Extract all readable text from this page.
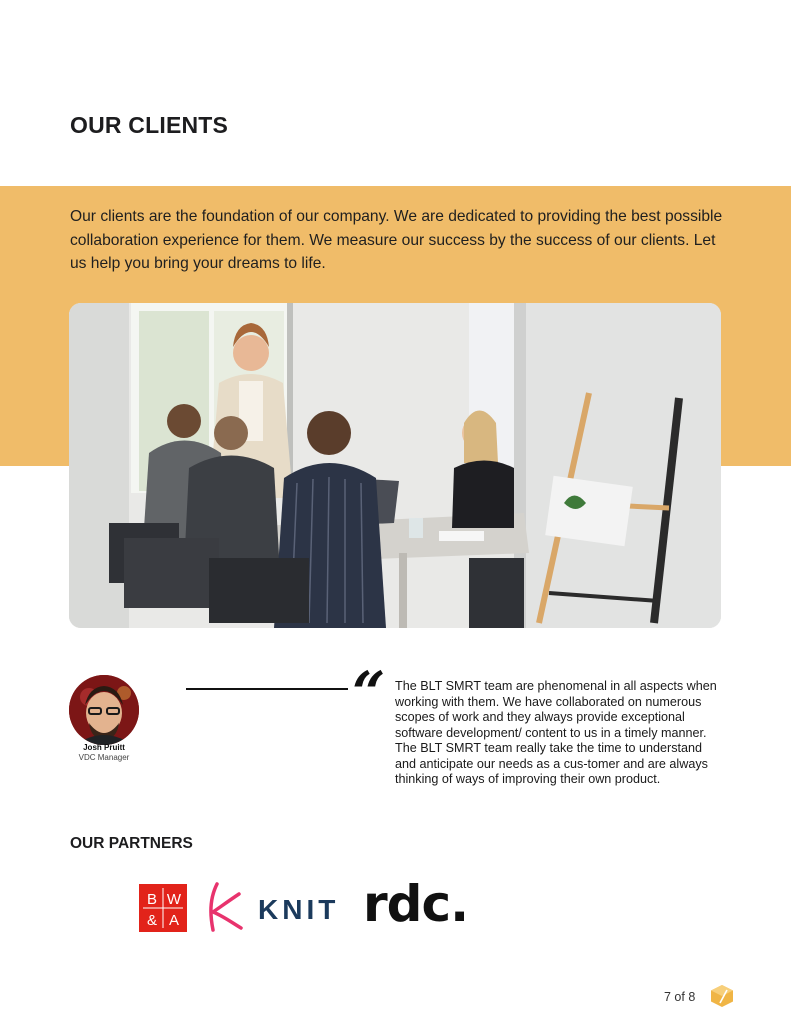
OUR CLIENTS

Our clients are the foundation of our company. We are dedicated to providing the best possible collaboration experience for them. We measure our success by the success of our clients. Let us help you bring your dreams to life.

Josh Pruitt
VDC Manager
“ The BLT SMRT team are phenomenal in all aspects when working with them. We have collaborated on numerous scopes of work and they always provide exceptional software development/ content to us in a timely manner. The BLT SMRT team really take the time to understand and anticipate our needs as a cus-tomer and are always thinking of ways of improving their own product.

OUR PARTNERS
B W
& A	KNIT rdc.
7 of 8
